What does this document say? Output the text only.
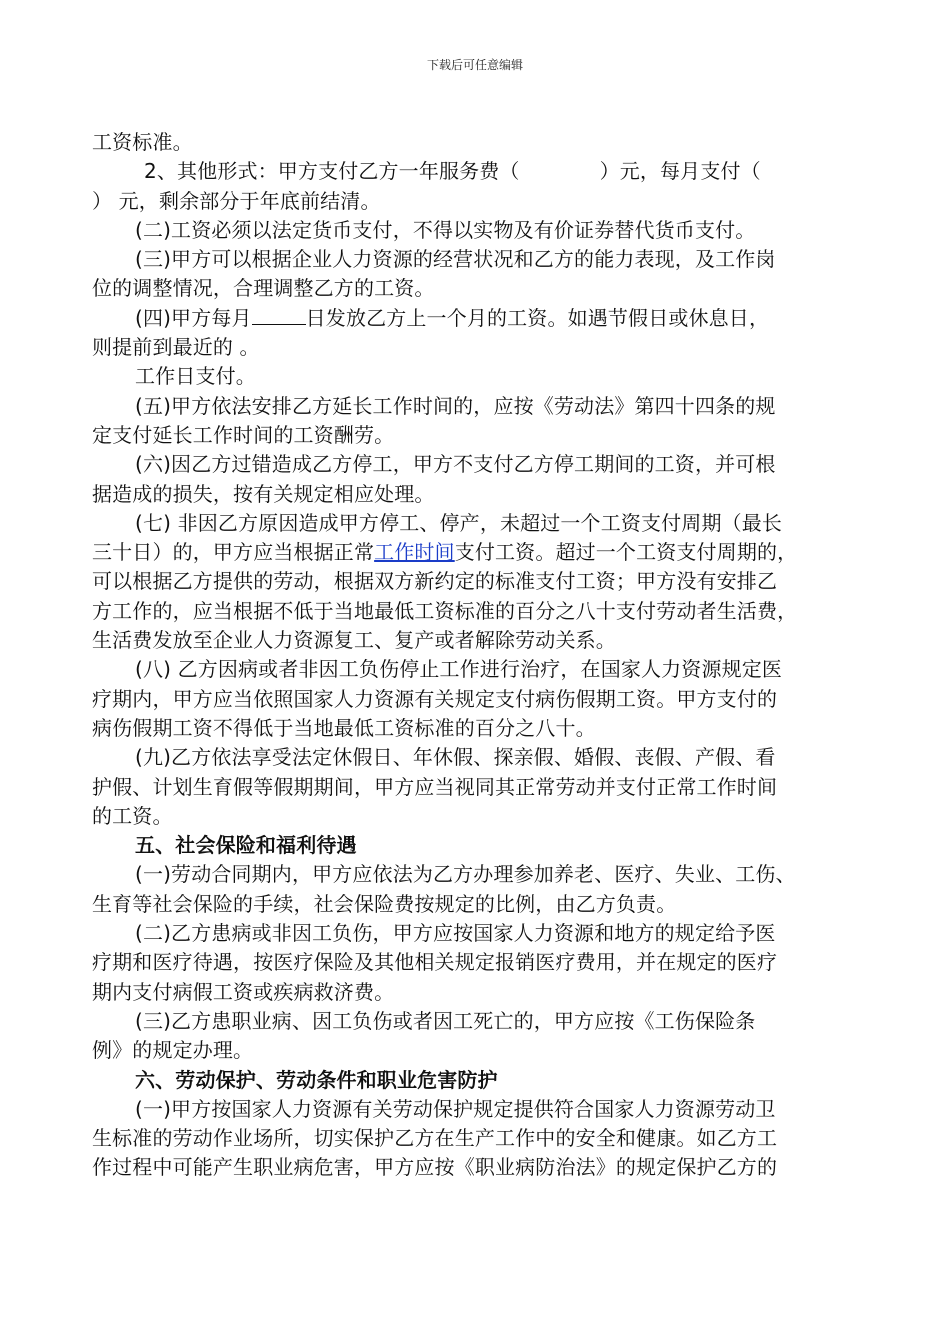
下载后可任意编辑
工资标准。
2、其他形式：甲方支付乙方一年服务费（	）元，每月支付（
） 元，剩余部分于年底前结清。
(二)工资必须以法定货币支付，不得以实物及有价证券替代货币支付。
(三)甲方可以根据企业人力资源的经营状况和乙方的能力表现，及工作岗
位的调整情况，合理调整乙方的工资。
(四)甲方每月	日发放乙方上一个月的工资。如遇节假日或休息日，
则提前到最近的 。
工作日支付。
(五)甲方依法安排乙方延长工作时间的，应按《劳动法》第四十四条的规
定支付延长工作时间的工资酬劳。
(六)因乙方过错造成乙方停工，甲方不支付乙方停工期间的工资，并可根
据造成的损失，按有关规定相应处理。
(七) 非因乙方原因造成甲方停工、停产，未超过一个工资支付周期（最长
三十日）的，甲方应当根据正常工作时间支付工资。超过一个工资支付周期的，
可以根据乙方提供的劳动，根据双方新约定的标准支付工资；甲方没有安排乙
方工作的，应当根据不低于当地最低工资标准的百分之八十支付劳动者生活费，
生活费发放至企业人力资源复工、复产或者解除劳动关系。
(八) 乙方因病或者非因工负伤停止工作进行治疗，在国家人力资源规定医
疗期内，甲方应当依照国家人力资源有关规定支付病伤假期工资。甲方支付的
病伤假期工资不得低于当地最低工资标准的百分之八十。
(九)乙方依法享受法定休假日、年休假、探亲假、婚假、丧假、产假、看
护假、计划生育假等假期期间，甲方应当视同其正常劳动并支付正常工作时间
的工资。
五、社会保险和福利待遇
(一)劳动合同期内，甲方应依法为乙方办理参加养老、医疗、失业、工伤、
生育等社会保险的手续，社会保险费按规定的比例，由乙方负责。
(二)乙方患病或非因工负伤，甲方应按国家人力资源和地方的规定给予医
疗期和医疗待遇，按医疗保险及其他相关规定报销医疗费用，并在规定的医疗
期内支付病假工资或疾病救济费。
(三)乙方患职业病、因工负伤或者因工死亡的，甲方应按《工伤保险条
例》的规定办理。
六、劳动保护、劳动条件和职业危害防护
(一)甲方按国家人力资源有关劳动保护规定提供符合国家人力资源劳动卫
生标准的劳动作业场所，切实保护乙方在生产工作中的安全和健康。如乙方工
作过程中可能产生职业病危害，甲方应按《职业病防治法》的规定保护乙方的
